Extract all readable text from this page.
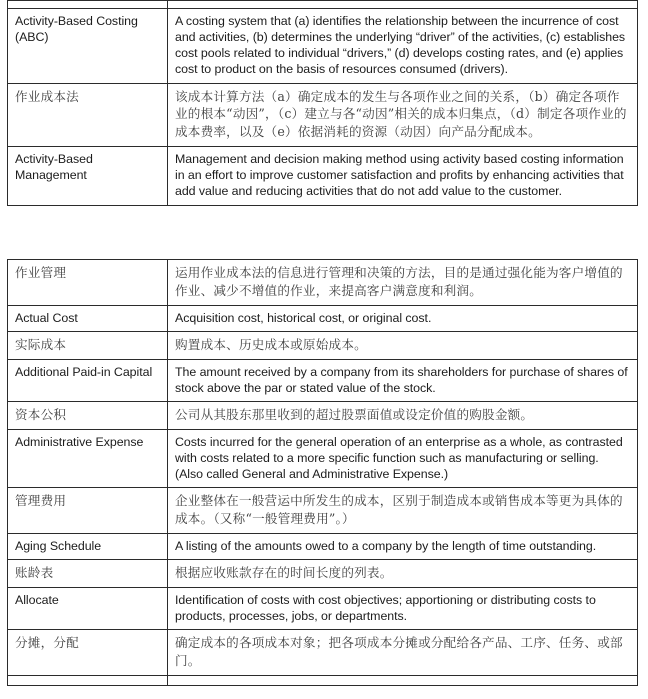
Activity-Based Costing (ABC)	A costing system that (a) identifies the relationship between the incurrence of cost and activities, (b) determines the underlying “driver” of the activities, (c) establishes cost pools related to individual “drivers,” (d) develops costing rates, and (e) applies cost to product on the basis of resources consumed (drivers).
作业成本法	该成本计算方法（a）确定成本的发生与各项作业之间的关系，（b）确定各项作业的根本“动因”，（c）建立与各“动因”相关的成本归集点，（d）制定各项作业的成本费率，以及（e）依据消耗的资源（动因）向产品分配成本。
Activity-Based Management	Management and decision making method using activity based costing information in an effort to improve customer satisfaction and profits by enhancing activities that add value and reducing activities that do not add value to the customer.
作业管理	运用作业成本法的信息进行管理和决策的方法，目的是通过强化能为客户增值的作业、减少不增值的作业，来提高客户满意度和利润。
Actual Cost	Acquisition cost, historical cost, or original cost.
实际成本	购置成本、历史成本或原始成本。
Additional Paid-in Capital	The amount received by a company from its shareholders for purchase of shares of stock above the par or stated value of the stock.
资本公积	公司从其股东那里收到的超过股票面值或设定价值的购股金额。
Administrative Expense	Costs incurred for the general operation of an enterprise as a whole, as contrasted with costs related to a more specific function such as manufacturing or selling. (Also called General and Administrative Expense.)
管理费用	企业整体在一般营运中所发生的成本，区别于制造成本或销售成本等更为具体的成本。（又称“一般管理费用”。）
Aging Schedule	A listing of the amounts owed to a company by the length of time outstanding.
账龄表	根据应收账款存在的时间长度的列表。
Allocate	Identification of costs with cost objectives; apportioning or distributing costs to products, processes, jobs, or departments.
分摊，分配	确定成本的各项成本对象；把各项成本分摊或分配给各产品、工序、任务、或部门。
